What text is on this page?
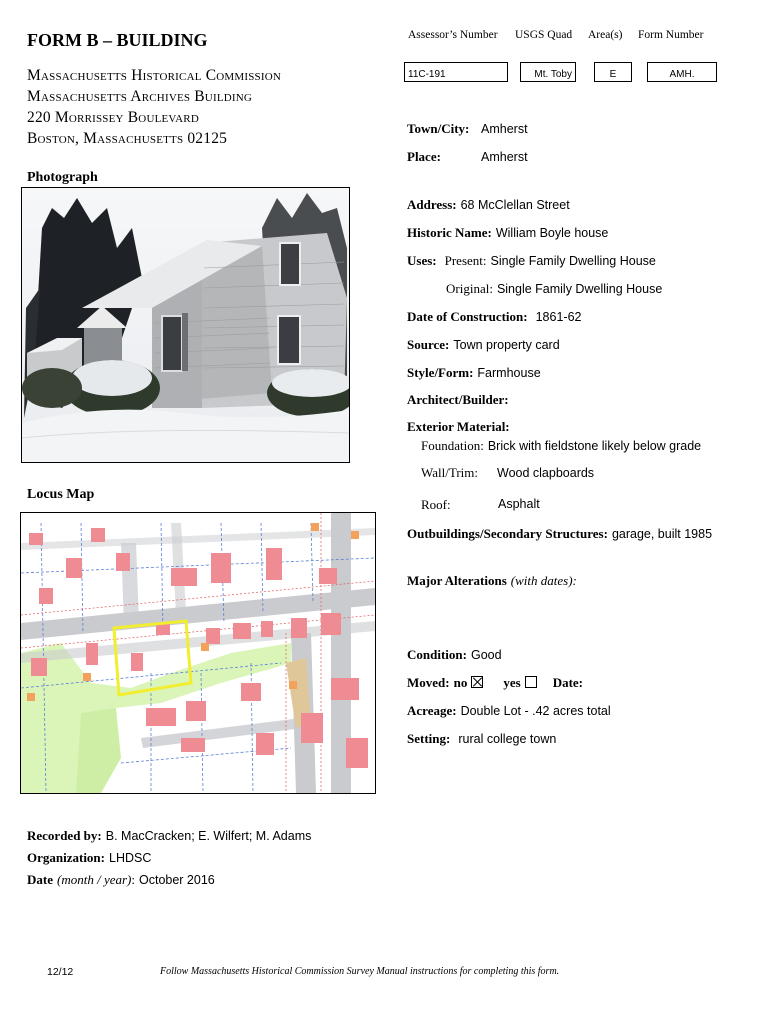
FORM B – BUILDING
Massachusetts Historical Commission
Massachusetts Archives Building
220 Morrissey Boulevard
Boston, Massachusetts 02125
Assessor’s Number USGS Quad Area(s) Form Number
11C-191	Mt. Toby	E	AMH.
Town/City: Amherst
Place:	Amherst
Photograph
Locus Map
Address: 68 McClellan Street
Historic Name: William Boyle house
Uses: Present: Single Family Dwelling House
Original: Single Family Dwelling House
Date of Construction: 1861-62
Source: Town property card
Style/Form: Farmhouse
Architect/Builder:
Exterior Material:
Foundation: Brick with fieldstone likely below grade
Wall/Trim: Wood clapboards
Roof:	Asphalt
Outbuildings/Secondary Structures: garage, built 1985
Major Alterations (with dates):
Condition: Good
Moved: no	yes Date:
Acreage: Double Lot - .42 acres total
Setting: rural college town
Recorded by: B. MacCracken; E. Wilfert; M. Adams
Organization: LHDSC
Date (month / year): October 2016
12/12	Follow Massachusetts Historical Commission Survey Manual instructions for completing this form.
